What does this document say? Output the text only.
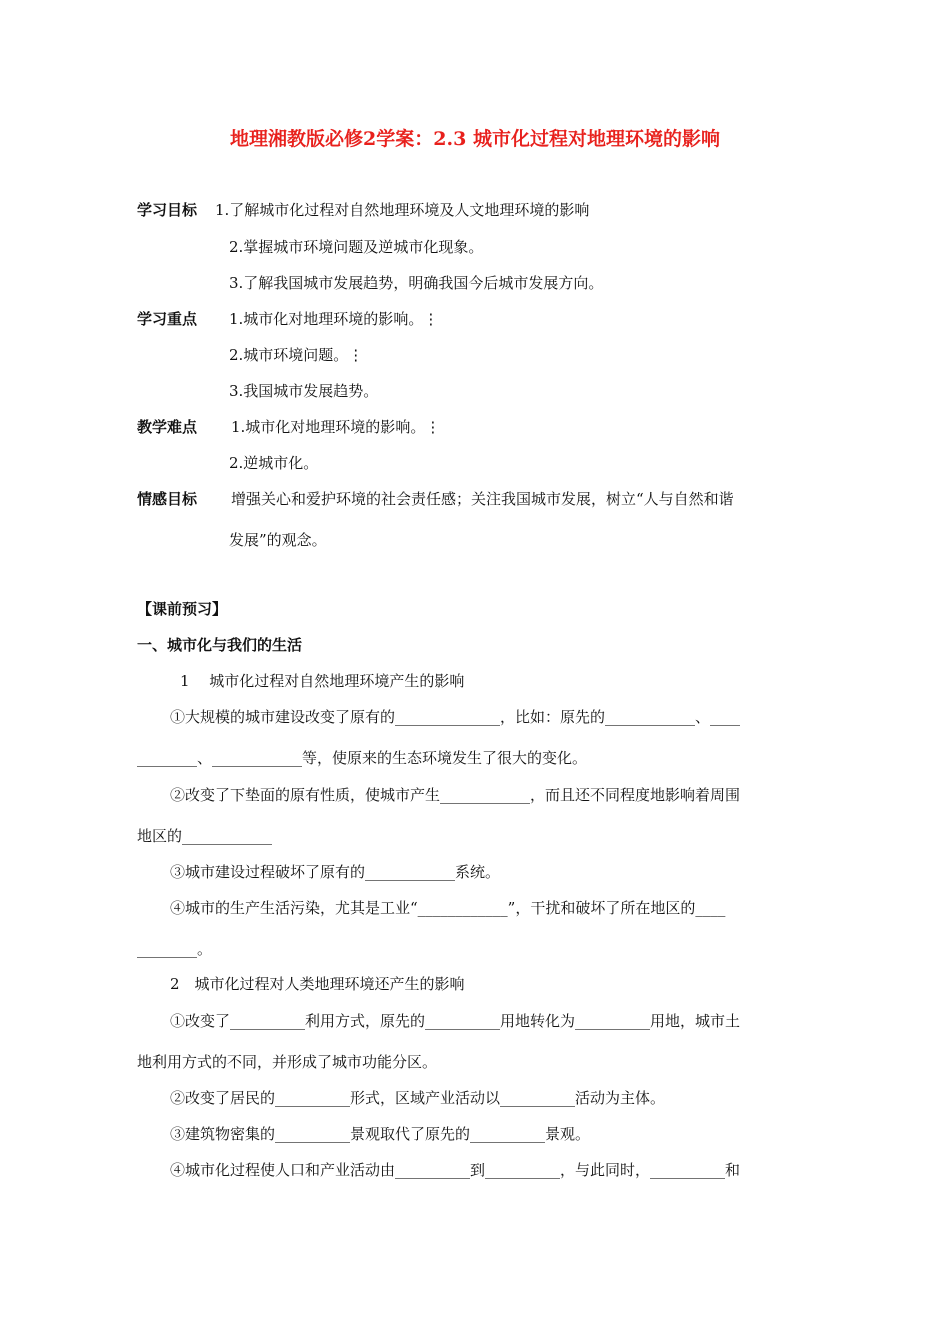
地理湘教版必修2学案：2.3 城市化过程对地理环境的影响
学习目标 1.了解城市化过程对自然地理环境及人文地理环境的影响
2.掌握城市环境问题及逆城市化现象。
3.了解我国城市发展趋势，明确我国今后城市发展方向。
学习重点 1.城市化对地理环境的影响。⋮
2.城市环境问题。⋮
3.我国城市发展趋势。
教学难点 1.城市化对地理环境的影响。⋮
2.逆城市化。
情感目标 增强关心和爱护环境的社会责任感；关注我国城市发展，树立“人与自然和谐
发展”的观念。
【课前预习】
一、城市化与我们的生活
1　 城市化过程对自然地理环境产生的影响
①大规模的城市建设改变了原有的______________，比如：原先的____________、____
________、____________等，使原来的生态环境发生了很大的变化。
②改变了下垫面的原有性质，使城市产生____________，而且还不同程度地影响着周围
地区的____________
③城市建设过程破坏了原有的____________系统。
④城市的生产生活污染，尤其是工业“____________”，干扰和破坏了所在地区的____
________。
2　城市化过程对人类地理环境还产生的影响
①改变了__________利用方式，原先的__________用地转化为__________用地，城市土
地利用方式的不同，并形成了城市功能分区。
②改变了居民的__________形式，区域产业活动以__________活动为主体。
③建筑物密集的__________景观取代了原先的__________景观。
④城市化过程使人口和产业活动由__________到__________，与此同时，__________和
